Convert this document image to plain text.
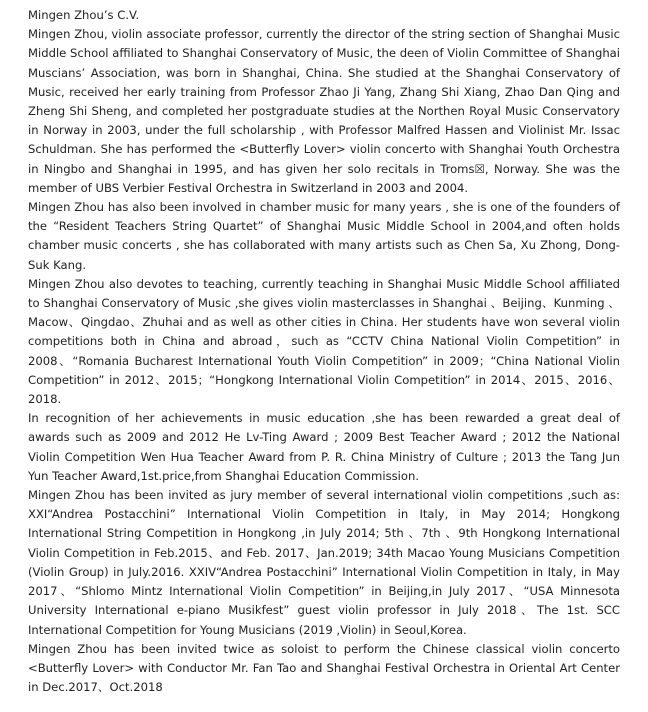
Mingen Zhou’s C.V.

Mingen Zhou, violin associate professor, currently the director of the string section of Shanghai Music Middle School affiliated to Shanghai Conservatory of Music, the deen of Violin Committee of Shanghai Muscians’ Association, was born in Shanghai, China. She studied at the Shanghai Conservatory of Music, received her early training from Professor Zhao Ji Yang, Zhang Shi Xiang, Zhao Dan Qing and Zheng Shi Sheng, and completed her postgraduate studies at the Northen Royal Music Conservatory in Norway in 2003, under the full scholarship , with Professor Malfred Hassen and Violinist Mr. Issac Schuldman. She has performed the <Butterfly Lover> violin concerto with Shanghai Youth Orchestra in Ningbo and Shanghai in 1995, and has given her solo recitals in Troms☒, Norway. She was the member of UBS Verbier Festival Orchestra in Switzerland in 2003 and 2004.

Mingen Zhou has also been involved in chamber music for many years , she is one of the founders of the “Resident Teachers String Quartet” of Shanghai Music Middle School in 2004,and often holds chamber music concerts , she has collaborated with many artists such as Chen Sa, Xu Zhong, Dong-Suk Kang.

Mingen Zhou also devotes to teaching, currently teaching in Shanghai Music Middle School affiliated to Shanghai Conservatory of Music ,she gives violin masterclasses in Shanghai 、Beijing、Kunming 、Macow、Qingdao、Zhuhai and as well as other cities in China. Her students have won several violin competitions both in China and abroad，such as “CCTV China National Violin Competition” in 2008、“Romania Bucharest International Youth Violin Competition” in 2009；“China National Violin Competition” in 2012、2015；“Hongkong International Violin Competition” in 2014、2015、2016、2018.

In recognition of her achievements in music education ,she has been rewarded a great deal of awards such as 2009 and 2012 He Lv-Ting Award ; 2009 Best Teacher Award ; 2012 the National Violin Competition Wen Hua Teacher Award from P. R. China Ministry of Culture ; 2013 the Tang Jun Yun Teacher Award,1st.price,from Shanghai Education Commission.

Mingen Zhou has been invited as jury member of several international violin competitions ,such as: XXI“Andrea Postacchini” International Violin Competition in Italy, in May 2014; Hongkong International String Competition in Hongkong ,in July 2014; 5th 、7th 、9th Hongkong International Violin Competition in Feb.2015、and Feb. 2017、Jan.2019; 34th Macao Young Musicians Competition (Violin Group) in July.2016. XXIV“Andrea Postacchini” International Violin Competition in Italy, in May 2017、“Shlomo Mintz International Violin Competition” in Beijing,in July 2017、“USA Minnesota University International e-piano Musikfest” guest violin professor in July 2018、The 1st. SCC International Competition for Young Musicians (2019 ,Violin) in Seoul,Korea.

Mingen Zhou has been invited twice as soloist to perform the Chinese classical violin concerto <Butterfly Lover> with Conductor Mr. Fan Tao and Shanghai Festival Orchestra in Oriental Art Center in Dec.2017、Oct.2018
